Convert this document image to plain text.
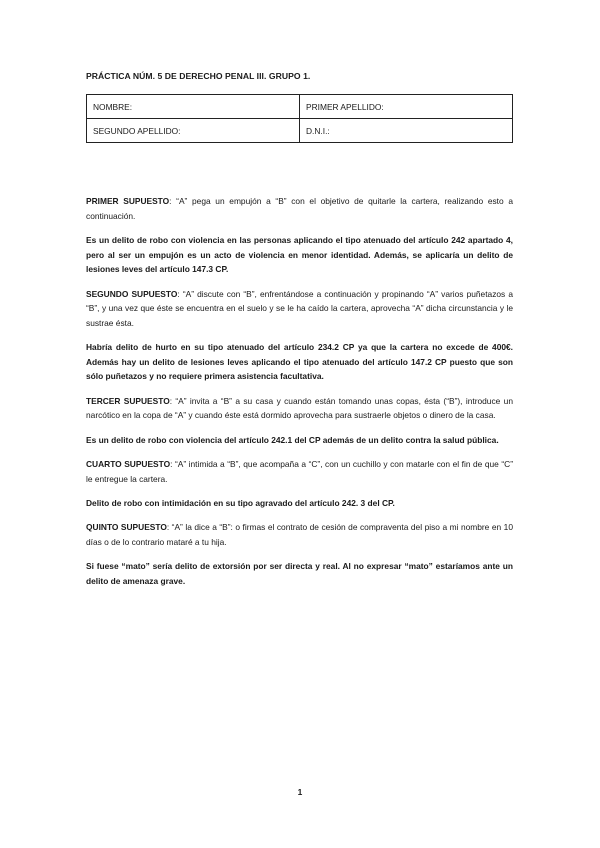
PRÁCTICA NÚM. 5 DE DERECHO PENAL III. GRUPO 1.
NOMBRE:	PRIMER APELLIDO:
SEGUNDO APELLIDO:	D.N.I.:

PRIMER SUPUESTO: “A” pega un empujón a “B” con el objetivo de quitarle la cartera, realizando esto a continuación.

Es un delito de robo con violencia en las personas aplicando el tipo atenuado del artículo 242 apartado 4, pero al ser un empujón es un acto de violencia en menor identidad. Además, se aplicaría un delito de lesiones leves del artículo 147.3 CP.

SEGUNDO SUPUESTO: “A” discute con “B”, enfrentándose a continuación y propinando “A” varios puñetazos a “B”, y una vez que éste se encuentra en el suelo y se le ha caído la cartera, aprovecha “A” dicha circunstancia y le sustrae ésta.

Habría delito de hurto en su tipo atenuado del artículo 234.2 CP ya que la cartera no excede de 400€. Además hay un delito de lesiones leves aplicando el tipo atenuado del artículo 147.2 CP puesto que son sólo puñetazos y no requiere primera asistencia facultativa.

TERCER SUPUESTO: “A” invita a “B” a su casa y cuando están tomando unas copas, ésta (“B”), introduce un narcótico en la copa de “A” y cuando éste está dormido aprovecha para sustraerle objetos o dinero de la casa.

Es un delito de robo con violencia del artículo 242.1 del CP además de un delito contra la salud pública.

CUARTO SUPUESTO: “A” intimida a “B”, que acompaña a “C”, con un cuchillo y con matarle con el fin de que “C” le entregue la cartera.

Delito de robo con intimidación en su tipo agravado del artículo 242. 3 del CP.

QUINTO SUPUESTO: “A” la dice a “B”: o firmas el contrato de cesión de compraventa del piso a mi nombre en 10 días o de lo contrario mataré a tu hija.

Si fuese “mato” sería delito de extorsión por ser directa y real. Al no expresar “mato” estaríamos ante un delito de amenaza grave.

1
